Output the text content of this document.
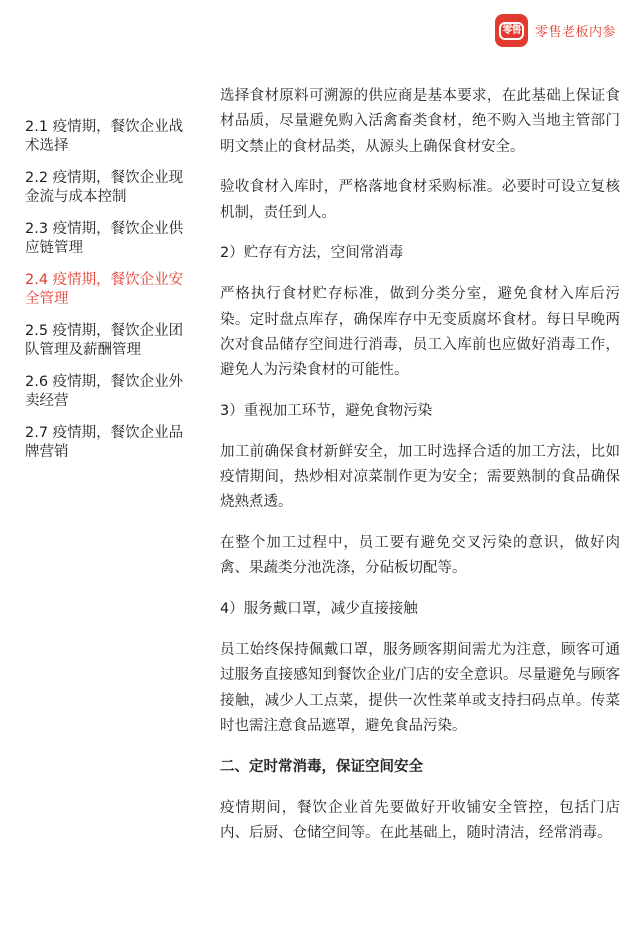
零售 零售老板内参
2.1 疫情期，餐饮企业战术选择
2.2 疫情期，餐饮企业现金流与成本控制
2.3 疫情期，餐饮企业供应链管理
2.4 疫情期，餐饮企业安全管理
2.5 疫情期，餐饮企业团队管理及薪酬管理
2.6 疫情期，餐饮企业外卖经营
2.7 疫情期，餐饮企业品牌营销

选择食材原料可溯源的供应商是基本要求，在此基础上保证食材品质，尽量避免购入活禽畜类食材，绝不购入当地主管部门明文禁止的食材品类，从源头上确保食材安全。

验收食材入库时，严格落地食材采购标准。必要时可设立复核机制，责任到人。

2）贮存有方法，空间常消毒

严格执行食材贮存标准，做到分类分室，避免食材入库后污染。定时盘点库存，确保库存中无变质腐坏食材。每日早晚两次对食品储存空间进行消毒，员工入库前也应做好消毒工作，避免人为污染食材的可能性。

3）重视加工环节，避免食物污染

加工前确保食材新鲜安全，加工时选择合适的加工方法，比如疫情期间，热炒相对凉菜制作更为安全；需要熟制的食品确保烧熟煮透。

在整个加工过程中，员工要有避免交叉污染的意识，做好肉禽、果蔬类分池洗涤，分砧板切配等。

4）服务戴口罩，减少直接接触

员工始终保持佩戴口罩，服务顾客期间需尤为注意，顾客可通过服务直接感知到餐饮企业/门店的安全意识。尽量避免与顾客接触，减少人工点菜，提供一次性菜单或支持扫码点单。传菜时也需注意食品遮罩，避免食品污染。

二、定时常消毒，保证空间安全

疫情期间，餐饮企业首先要做好开收铺安全管控，包括门店内、后厨、仓储空间等。在此基础上，随时清洁，经常消毒。
